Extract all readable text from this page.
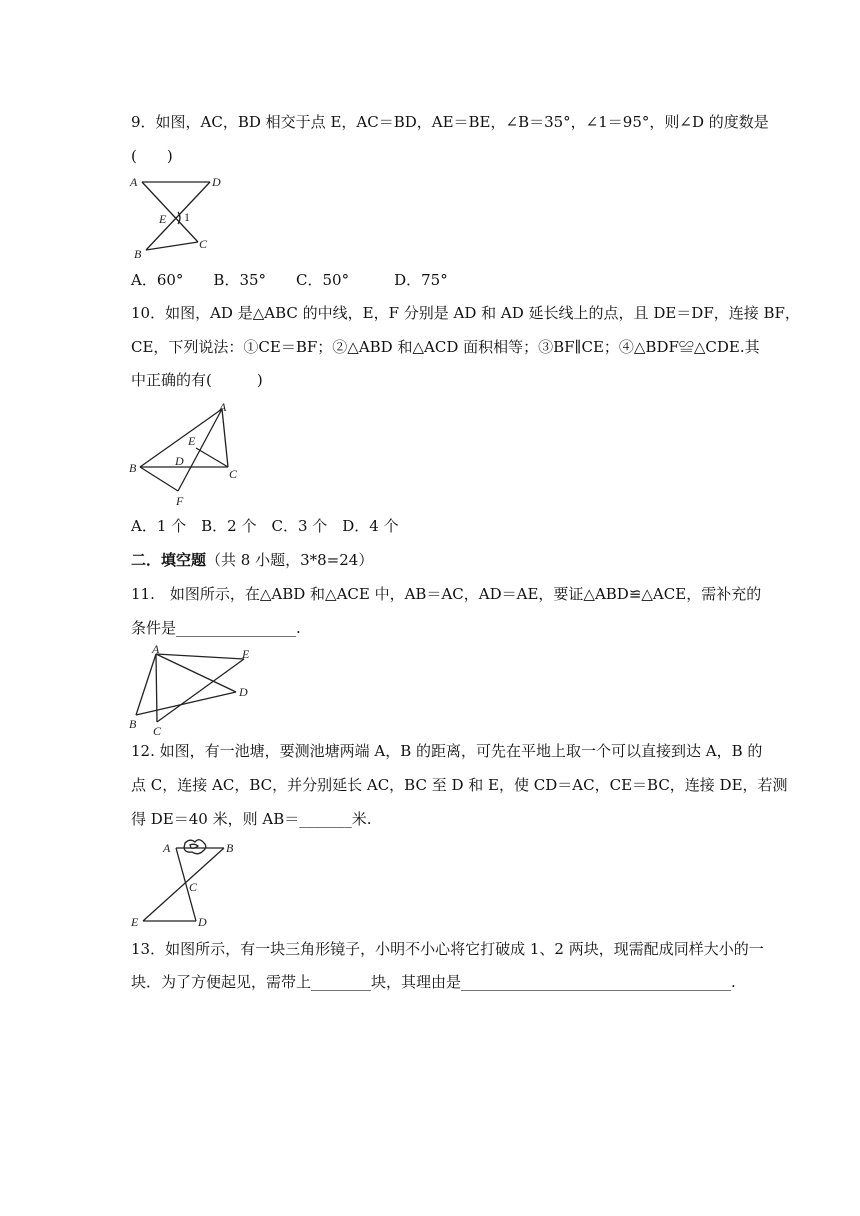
9．如图，AC，BD 相交于点 E，AC＝BD，AE＝BE，∠B＝35°，∠1＝95°，则∠D 的度数是
(　　)
A	D
E 1
B
C
A．60°　　B．35°　　C．50°　　　D．75°
10．如图，AD 是△ABC 的中线，E，F 分别是 AD 和 AD 延长线上的点，且 DE＝DF，连接 BF，
CE，下列说法：①CE＝BF；②△ABD 和△ACD 面积相等；③BF∥CE；④△BDF≌△CDE.其
中正确的有(　　　)
A
E
B	D
C
F
A．1 个　B．2 个　C．3 个　D．4 个
二．填空题（共 8 小题，3*8=24）
11.　如图所示，在△ABD 和△ACE 中，AB＝AC，AD＝AE，要证△ABD≌△ACE，需补充的
条件是________________.
A	E
D
B C
12. 如图，有一池塘，要测池塘两端 A，B 的距离，可先在平地上取一个可以直接到达 A，B 的
点 C，连接 AC，BC，并分别延长 AC，BC 至 D 和 E，使 CD＝AC，CE＝BC，连接 DE，若测
得 DE＝40 米，则 AB＝_______米.
A	B
C
E	D
13．如图所示，有一块三角形镜子，小明不小心将它打破成 1、2 两块，现需配成同样大小的一
块．为了方便起见，需带上________块，其理由是____________________________________.
